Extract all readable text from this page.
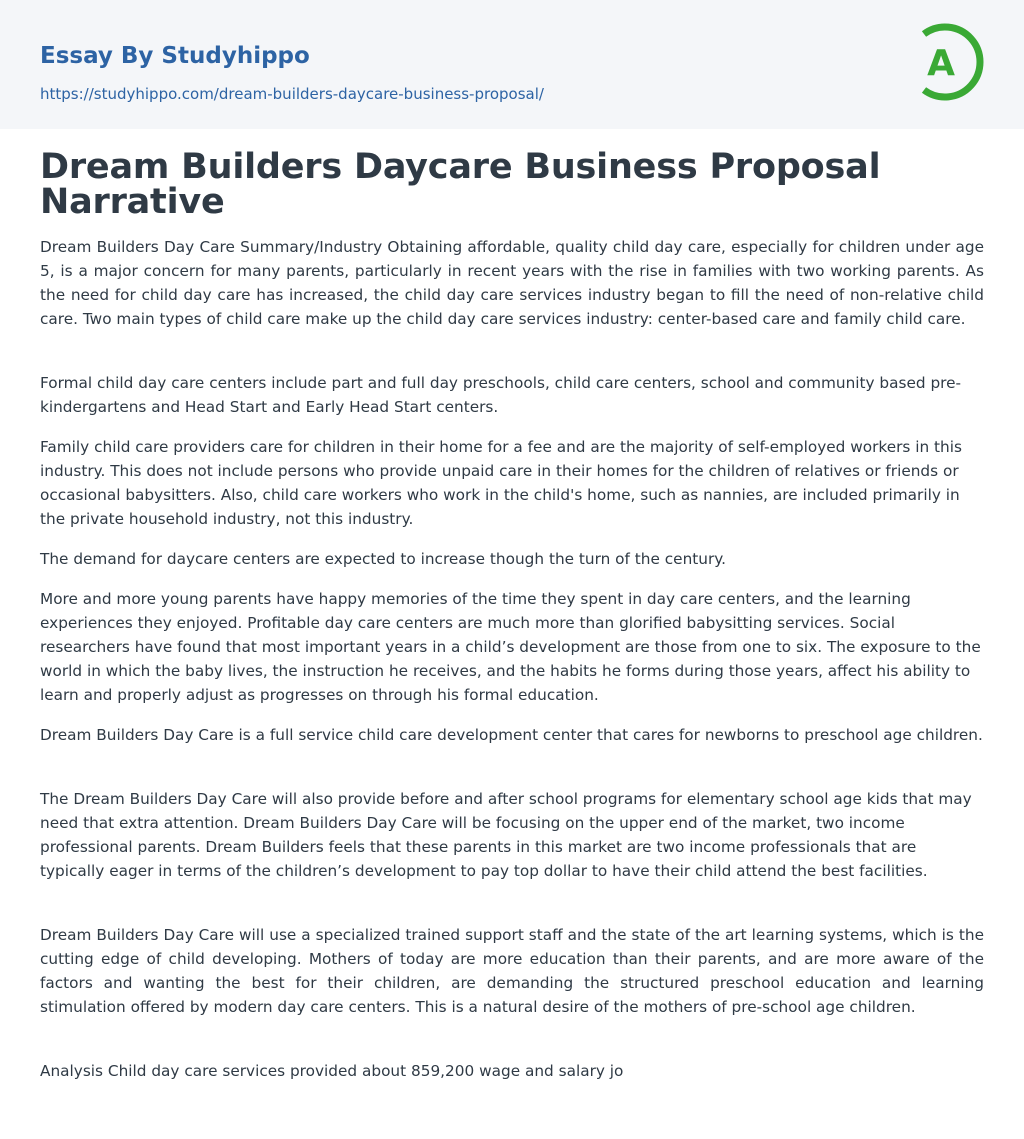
Essay By Studyhippo
https://studyhippo.com/dream-builders-daycare-business-proposal/
A
Dream Builders Daycare Business Proposal
Narrative

Dream Builders Day Care Summary/Industry Obtaining affordable, quality child day care, especially for children under age 5, is a major concern for many parents, particularly in recent years with the rise in families with two working parents. As the need for child day care has increased, the child day care services industry began to fill the need of non-relative child care. Two main types of child care make up the child day care services industry: center-based care and family child care.

Formal child day care centers include part and full day preschools, child care centers, school and community based pre-kindergartens and Head Start and Early Head Start centers.

Family child care providers care for children in their home for a fee and are the majority of self-employed workers in this industry. This does not include persons who provide unpaid care in their homes for the children of relatives or friends or occasional babysitters. Also, child care workers who work in the child's home, such as nannies, are included primarily in the private household industry, not this industry.

The demand for daycare centers are expected to increase though the turn of the century.

More and more young parents have happy memories of the time they spent in day care centers, and the learning experiences they enjoyed. Profitable day care centers are much more than glorified babysitting services. Social researchers have found that most important years in a child’s development are those from one to six. The exposure to the world in which the baby lives, the instruction he receives, and the habits he forms during those years, affect his ability to learn and properly adjust as progresses on through his formal education.

Dream Builders Day Care is a full service child care development center that cares for newborns to preschool age children.

The Dream Builders Day Care will also provide before and after school programs for elementary school age kids that may need that extra attention. Dream Builders Day Care will be focusing on the upper end of the market, two income professional parents. Dream Builders feels that these parents in this market are two income professionals that are typically eager in terms of the children’s development to pay top dollar to have their child attend the best facilities.

Dream Builders Day Care will use a specialized trained support staff and the state of the art learning systems, which is the cutting edge of child developing. Mothers of today are more education than their parents, and are more aware of the factors and wanting the best for their children, are demanding the structured preschool education and learning stimulation offered by modern day care centers. This is a natural desire of the mothers of pre-school age children.

Analysis Child day care services provided about 859,200 wage and salary jo
